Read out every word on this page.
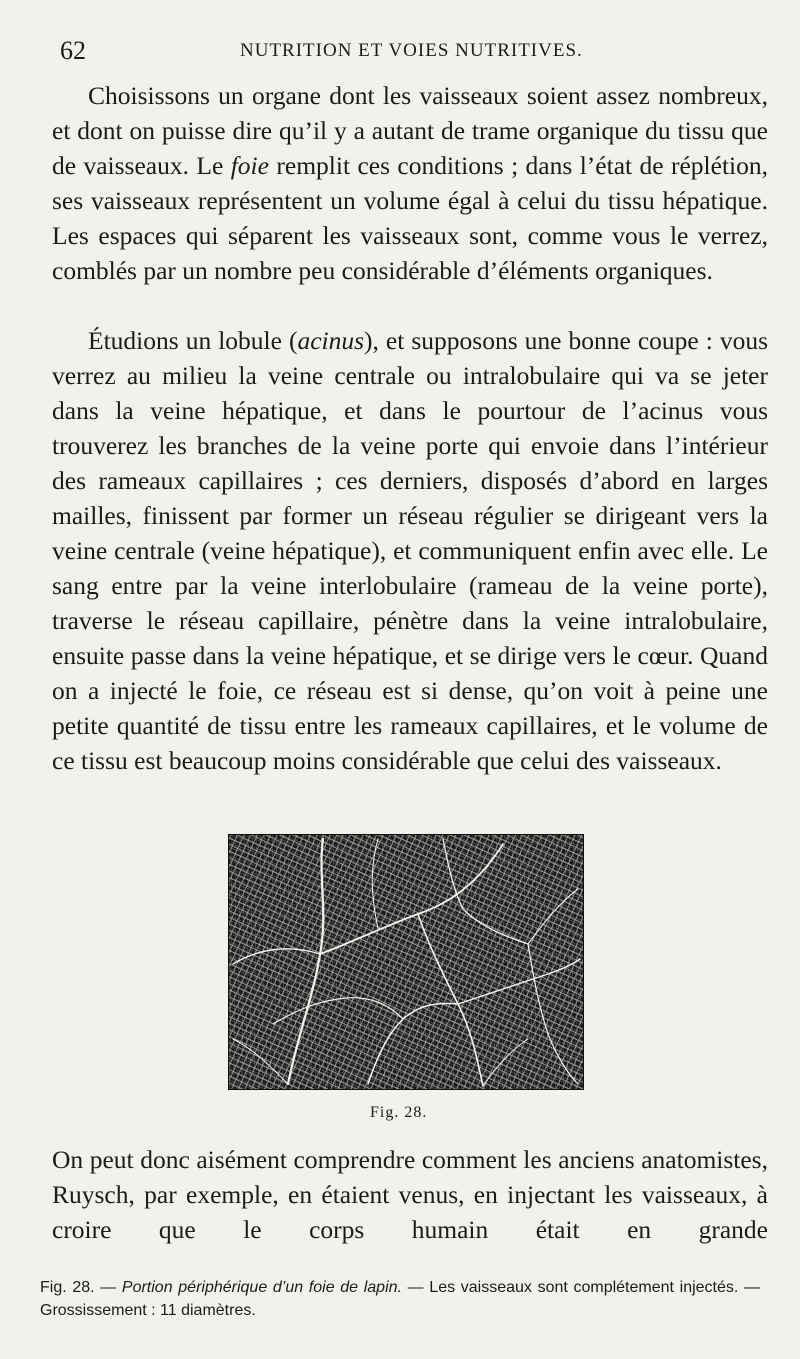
62	NUTRITION ET VOIES NUTRITIVES.

Choisissons un organe dont les vaisseaux soient assez nombreux, et dont on puisse dire qu’il y a autant de trame organique du tissu que de vaisseaux. Le foie remplit ces conditions ; dans l’état de réplétion, ses vaisseaux représentent un volume égal à celui du tissu hépatique. Les espaces qui séparent les vaisseaux sont, comme vous le verrez, comblés par un nombre peu considérable d’éléments organiques.

Étudions un lobule (acinus), et supposons une bonne coupe : vous verrez au milieu la veine centrale ou intralobulaire qui va se jeter dans la veine hépatique, et dans le pourtour de l’acinus vous trouverez les branches de la veine porte qui envoie dans l’intérieur des rameaux capillaires ; ces derniers, disposés d’abord en larges mailles, finissent par former un réseau régulier se dirigeant vers la veine centrale (veine hépatique), et communiquent enfin avec elle. Le sang entre par la veine interlobulaire (rameau de la veine porte), traverse le réseau capillaire, pénètre dans la veine intralobulaire, ensuite passe dans la veine hépatique, et se dirige vers le cœur. Quand on a injecté le foie, ce réseau est si dense, qu’on voit à peine une petite quantité de tissu entre les rameaux capillaires, et le volume de ce tissu est beaucoup moins considérable que celui des vaisseaux.

Fig. 28.

On peut donc aisément comprendre comment les anciens anatomistes, Ruysch, par exemple, en étaient venus, en injectant les vaisseaux, à croire que le corps humain était en grande

Fig. 28. — Portion périphérique d’un foie de lapin. — Les vaisseaux sont complétement injectés. — Grossissement : 11 diamètres.
